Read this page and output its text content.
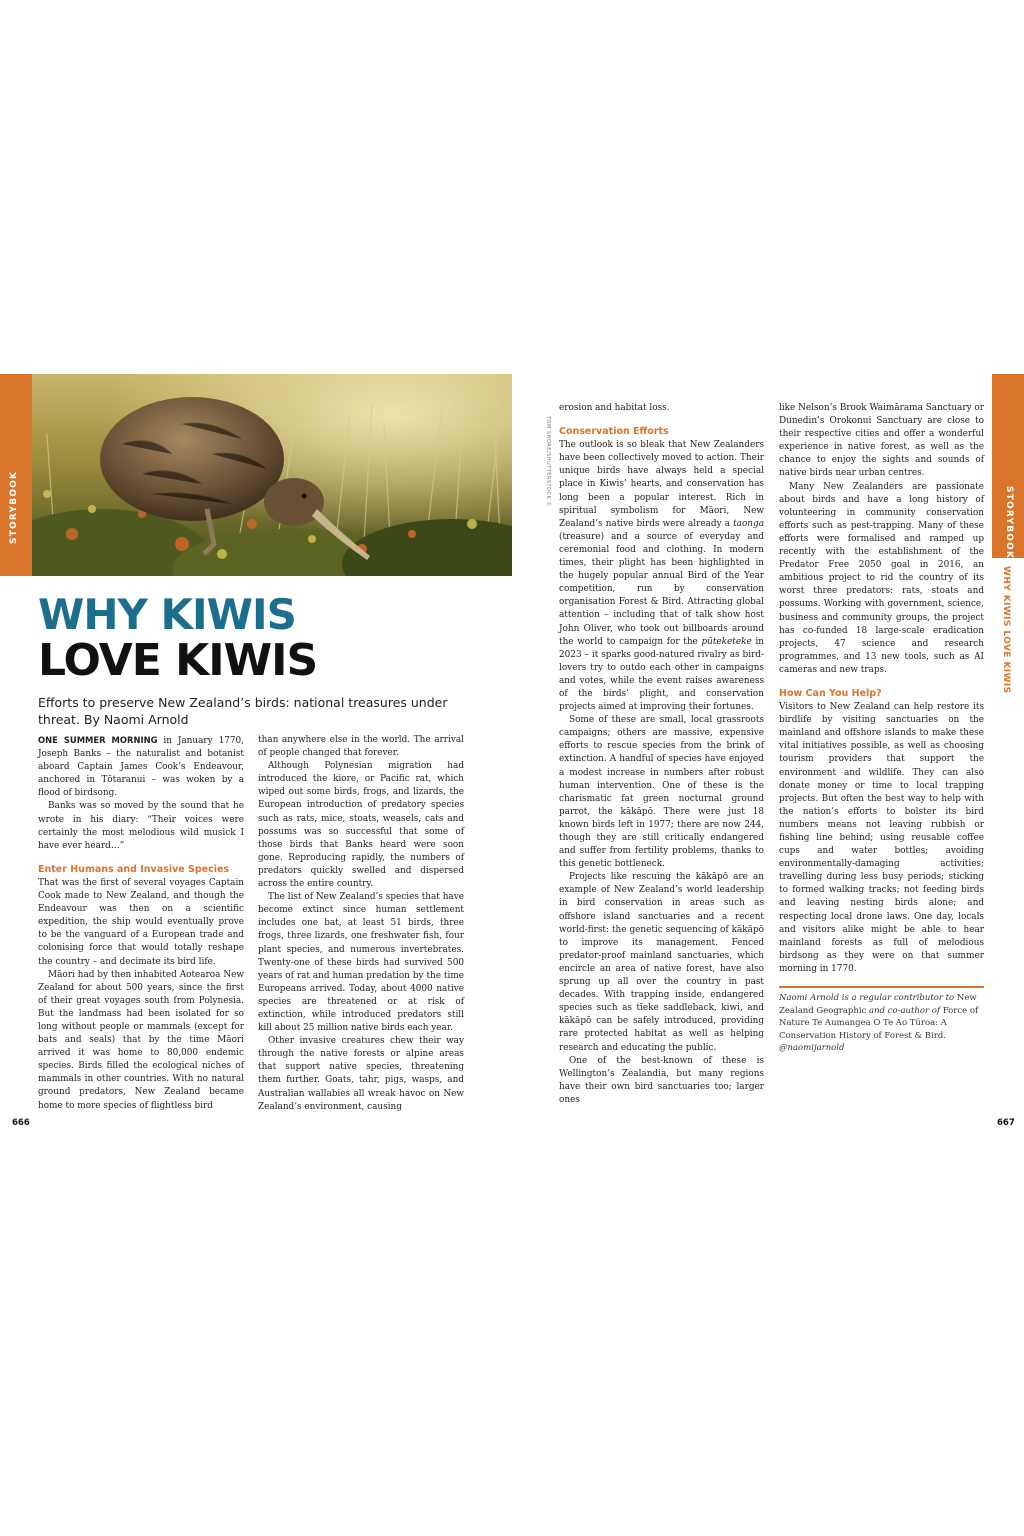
STORYBOOK
TOM SHORE/SHUTTERSTOCK ©
WHY KIWIS
LOVE KIWIS

Efforts to preserve New Zealand’s birds: national treasures under threat. By Naomi Arnold

ONE SUMMER MORNING in January 1770, Joseph Banks – the naturalist and botanist aboard Captain James Cook’s Endeavour, anchored in Tōtaranui – was woken by a flood of birdsong.

Banks was so moved by the sound that he wrote in his diary: “Their voices were certainly the most melodious wild musick I have ever heard…”

Enter Humans and Invasive Species

That was the first of several voyages Captain Cook made to New Zealand, and though the Endeavour was then on a scientific expedition, the ship would eventually prove to be the vanguard of a European trade and colonising force that would totally reshape the country – and decimate its bird life.

Māori had by then inhabited Aotearoa New Zealand for about 500 years, since the first of their great voyages south from Polynesia. But the landmass had been isolated for so long without people or mammals (except for bats and seals) that by the time Māori arrived it was home to 80,000 endemic species. Birds filled the ecological niches of mammals in other countries. With no natural ground predators, New Zealand became home to more species of flightless bird

than anywhere else in the world. The arrival of people changed that forever.

Although Polynesian migration had introduced the kiore, or Pacific rat, which wiped out some birds, frogs, and lizards, the European introduction of predatory species such as rats, mice, stoats, weasels, cats and possums was so successful that some of those birds that Banks heard were soon gone. Reproducing rapidly, the numbers of predators quickly swelled and dispersed across the entire country.

The list of New Zealand’s species that have become extinct since human settlement includes one bat, at least 51 birds, three frogs, three lizards, one freshwater fish, four plant species, and numerous invertebrates. Twenty-one of these birds had survived 500 years of rat and human predation by the time Europeans arrived. Today, about 4000 native species are threatened or at risk of extinction, while introduced predators still kill about 25 million native birds each year.

Other invasive creatures chew their way through the native forests or alpine areas that support native species, threatening them further. Goats, tahr, pigs, wasps, and Australian wallabies all wreak havoc on New Zealand’s environment, causing

erosion and habitat loss.

Conservation Efforts

The outlook is so bleak that New Zealanders have been collectively moved to action. Their unique birds have always held a special place in Kiwis’ hearts, and conservation has long been a popular interest. Rich in spiritual symbolism for Māori, New Zealand’s native birds were already a taonga (treasure) and a source of everyday and ceremonial food and clothing. In modern times, their plight has been highlighted in the hugely popular annual Bird of the Year competition, run by conservation organisation Forest & Bird. Attracting global attention – including that of talk show host John Oliver, who took out billboards around the world to campaign for the pūteketeke in 2023 – it sparks good-natured rivalry as bird-lovers try to outdo each other in campaigns and votes, while the event raises awareness of the birds’ plight, and conservation projects aimed at improving their fortunes.

Some of these are small, local grassroots campaigns; others are massive, expensive efforts to rescue species from the brink of extinction. A handful of species have enjoyed a modest increase in numbers after robust human intervention. One of these is the charismatic fat green nocturnal ground parrot, the kākāpō. There were just 18 known birds left in 1977; there are now 244, though they are still critically endangered and suffer from fertility problems, thanks to this genetic bottleneck.

Projects like rescuing the kākāpō are an example of New Zealand’s world leadership in bird conservation in areas such as offshore island sanctuaries and a recent world-first: the genetic sequencing of kākāpō to improve its management. Fenced predator-proof mainland sanctuaries, which encircle an area of native forest, have also sprung up all over the country in past decades. With trapping inside, endangered species such as tīeke saddleback, kiwi, and kākāpō can be safely introduced, providing rare protected habitat as well as helping research and educating the public.

One of the best-known of these is Wellington’s Zealandia, but many regions have their own bird sanctuaries too; larger ones

like Nelson’s Brook Waimārama Sanctuary or Dunedin’s Orokonui Sanctuary are close to their respective cities and offer a wonderful experience in native forest, as well as the chance to enjoy the sights and sounds of native birds near urban centres.

Many New Zealanders are passionate about birds and have a long history of volunteering in community conservation efforts such as pest-trapping. Many of these efforts were formalised and ramped up recently with the establishment of the Predator Free 2050 goal in 2016, an ambitious project to rid the country of its worst three predators: rats, stoats and possums. Working with government, science, business and community groups, the project has co-funded 18 large-scale eradication projects, 47 science and research programmes, and 13 new tools, such as AI cameras and new traps.

How Can You Help?

Visitors to New Zealand can help restore its birdlife by visiting sanctuaries on the mainland and offshore islands to make these vital initiatives possible, as well as choosing tourism providers that support the environment and wildlife. They can also donate money or time to local trapping projects. But often the best way to help with the nation’s efforts to bolster its bird numbers means not leaving rubbish or fishing line behind; using reusable coffee cups and water bottles; avoiding environmentally-damaging activities; travelling during less busy periods; sticking to formed walking tracks; not feeding birds and leaving nesting birds alone; and respecting local drone laws. One day, locals and visitors alike might be able to hear mainland forests as full of melodious birdsong as they were on that summer morning in 1770.

STORYBOOK
WHY KIWIS LOVE KIWIS

Naomi Arnold is a regular contributor to New Zealand Geographic and co-author of Force of Nature Te Aumangea O Te Ao Tūroa: A Conservation History of Forest & Bird. @naomijarnold

666	667
